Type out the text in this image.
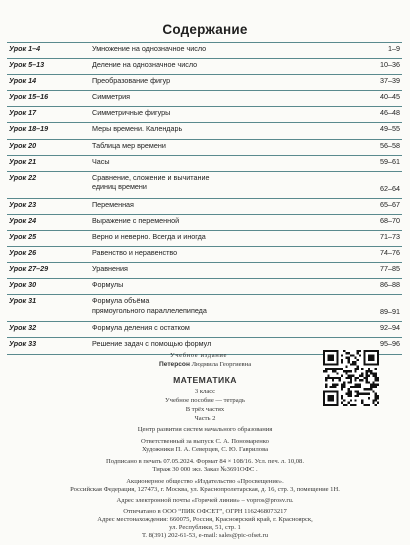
Содержание
Урок 1–4	Умножение на однозначное число	1–9
Урок 5–13	Деление на однозначное число	10–36
Урок 14	Преобразование фигур	37–39
Урок 15–16	Симметрия	40–45
Урок 17	Симметричные фигуры	46–48
Урок 18–19	Меры времени. Календарь	49–55
Урок 20	Таблица мер времени	56–58
Урок 21	Часы	59–61
Урок 22	Сравнение, сложение и вычитание
единиц времени	62–64
Урок 23	Переменная	65–67
Урок 24	Выражение с переменной	68–70
Урок 25	Верно и неверно. Всегда и иногда	71–73
Урок 26	Равенство и неравенство	74–76
Урок 27–29	Уравнения	77–85
Урок 30	Формулы	86–88
Урок 31	Формула объёма
прямоугольного параллелепипеда	89–91
Урок 32	Формула деления с остатком	92–94
Урок 33	Решение задач с помощью формул	95–96
Учебное издание
Петерсон Людмила Георгиевна
МАТЕМАТИКА
3 класс
Учебное пособие — тетрадь
В трёх частях
Часть 2
Центр развития систем начального образования
Ответственный за выпуск С. А. Пономаренко
Художники П. А. Северцев, С. Ю. Гаврилова
Подписано в печать 07.05.2024. Формат 84 × 108/16. Усл. печ. л. 10,08.
Тираж 30 000 экз. Заказ №3691ОФС .
Акционерное общество «Издательство «Просвещение».
Российская Федерация, 127473, г. Москва, ул. Краснопролетарская, д. 16, стр. 3, помещение 1Н.
Адрес электронной почты «Горячей линии» – vopros@prosv.ru.
Отпечатано в ООО “ПИК ОФСЕТ”, ОГРН 1162468073217
Адрес местонахождения: 660075, Россия, Красноярский край, г. Красноярск,
ул. Республики, 51, стр. 1
Т. 8(391) 202-61-53, e-mail: sales@pic-ofset.ru
